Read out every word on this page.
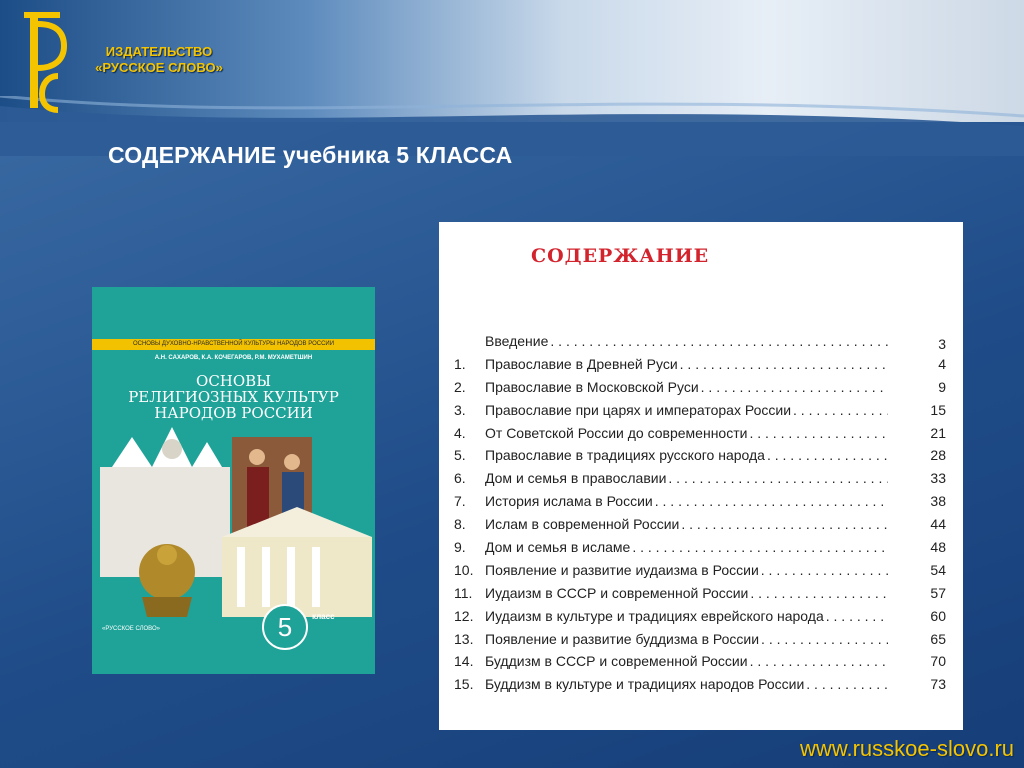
ИЗДАТЕЛЬСТВО
«РУССКОЕ СЛОВО»
СОДЕРЖАНИЕ учебника 5 КЛАССА
ОСНОВЫ ДУХОВНО-НРАВСТВЕННОЙ КУЛЬТУРЫ НАРОДОВ РОССИИ
А.Н. САХАРОВ, К.А. КОЧЕГАРОВ, Р.М. МУХАМЕТШИН
ОСНОВЫ
РЕЛИГИОЗНЫХ КУЛЬТУР
НАРОДОВ РОССИИ
5	класс
«РУССКОЕ СЛОВО»
СОДЕРЖАНИЕ
Введение . . .	3
1.	Православие в Древней Руси . . .	4
2.	Православие в Московской Руси . . .	9
3.	Православие при царях и императорах России . . .	15
4.	От Советской России до современности . . .	21
5.	Православие в традициях русского народа . . .	28
6.	Дом и семья в православии . . .	33
7.	История ислама в России . . .	38
8.	Ислам в современной России . . .	44
9.	Дом и семья в исламе . . .	48
10. Появление и развитие иудаизма в России . . .	54
11. Иудаизм в СССР и современной России . . .	57
12. Иудаизм в культуре и традициях еврейского народа . . .	60
13. Появление и развитие буддизма в России . . .	65
14. Буддизм в СССР и современной России . . .	70
15. Буддизм в культуре и традициях народов России . . .	73
www.russkoe-slovo.ru
